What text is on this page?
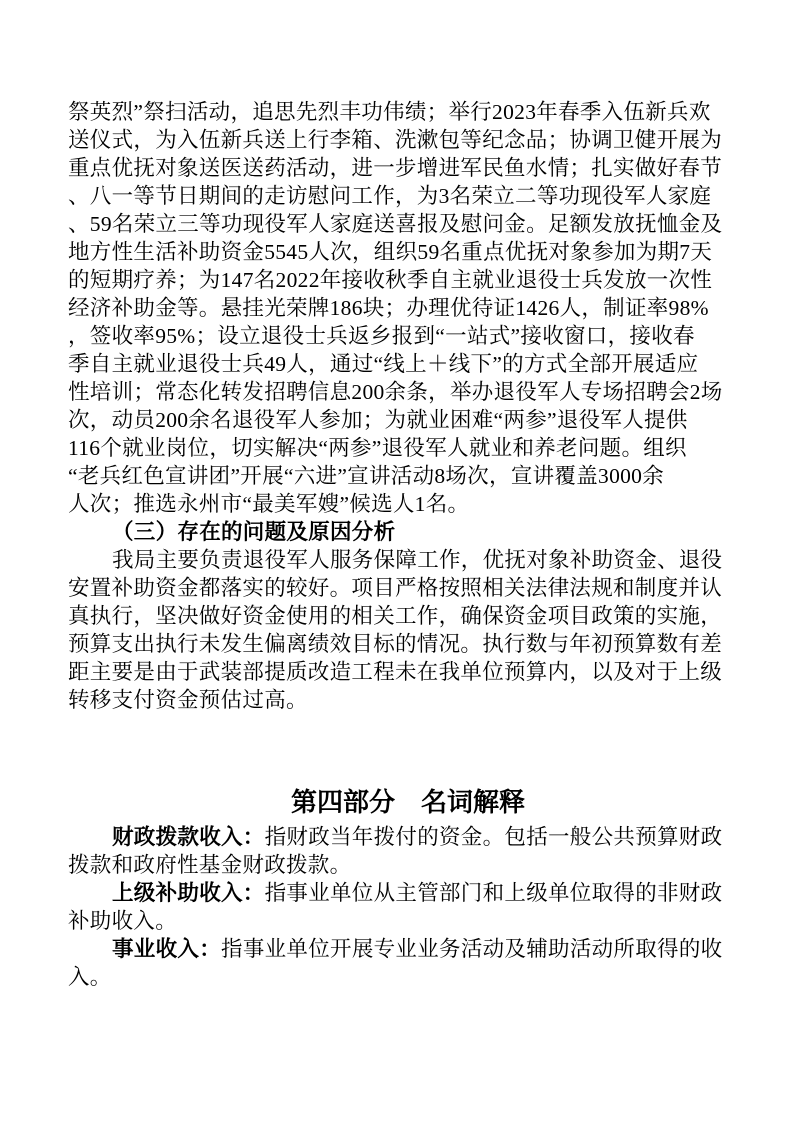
祭英烈”祭扫活动，追思先烈丰功伟绩；举行2023年春季入伍新兵欢
送仪式，为入伍新兵送上行李箱、洗漱包等纪念品；协调卫健开展为
重点优抚对象送医送药活动，进一步增进军民鱼水情；扎实做好春节
、八一等节日期间的走访慰问工作，为3名荣立二等功现役军人家庭
、59名荣立三等功现役军人家庭送喜报及慰问金。足额发放抚恤金及
地方性生活补助资金5545人次，组织59名重点优抚对象参加为期7天
的短期疗养；为147名2022年接收秋季自主就业退役士兵发放一次性
经济补助金等。悬挂光荣牌186块；办理优待证1426人，制证率98%
，签收率95%；设立退役士兵返乡报到“一站式”接收窗口，接收春
季自主就业退役士兵49人，通过“线上＋线下”的方式全部开展适应
性培训；常态化转发招聘信息200余条，举办退役军人专场招聘会2场
次，动员200余名退役军人参加；为就业困难“两参”退役军人提供
116个就业岗位，切实解决“两参”退役军人就业和养老问题。组织
“老兵红色宣讲团”开展“六进”宣讲活动8场次，宣讲覆盖3000余
人次；推选永州市“最美军嫂”候选人1名。
（三）存在的问题及原因分析
我局主要负责退役军人服务保障工作，优抚对象补助资金、退役
安置补助资金都落实的较好。项目严格按照相关法律法规和制度并认
真执行，坚决做好资金使用的相关工作，确保资金项目政策的实施，
预算支出执行未发生偏离绩效目标的情况。执行数与年初预算数有差
距主要是由于武装部提质改造工程未在我单位预算内，以及对于上级
转移支付资金预估过高。
第四部分　名词解释
财政拨款收入：指财政当年拨付的资金。包括一般公共预算财政
拨款和政府性基金财政拨款。
上级补助收入：指事业单位从主管部门和上级单位取得的非财政
补助收入。
事业收入：指事业单位开展专业业务活动及辅助活动所取得的收
入。
